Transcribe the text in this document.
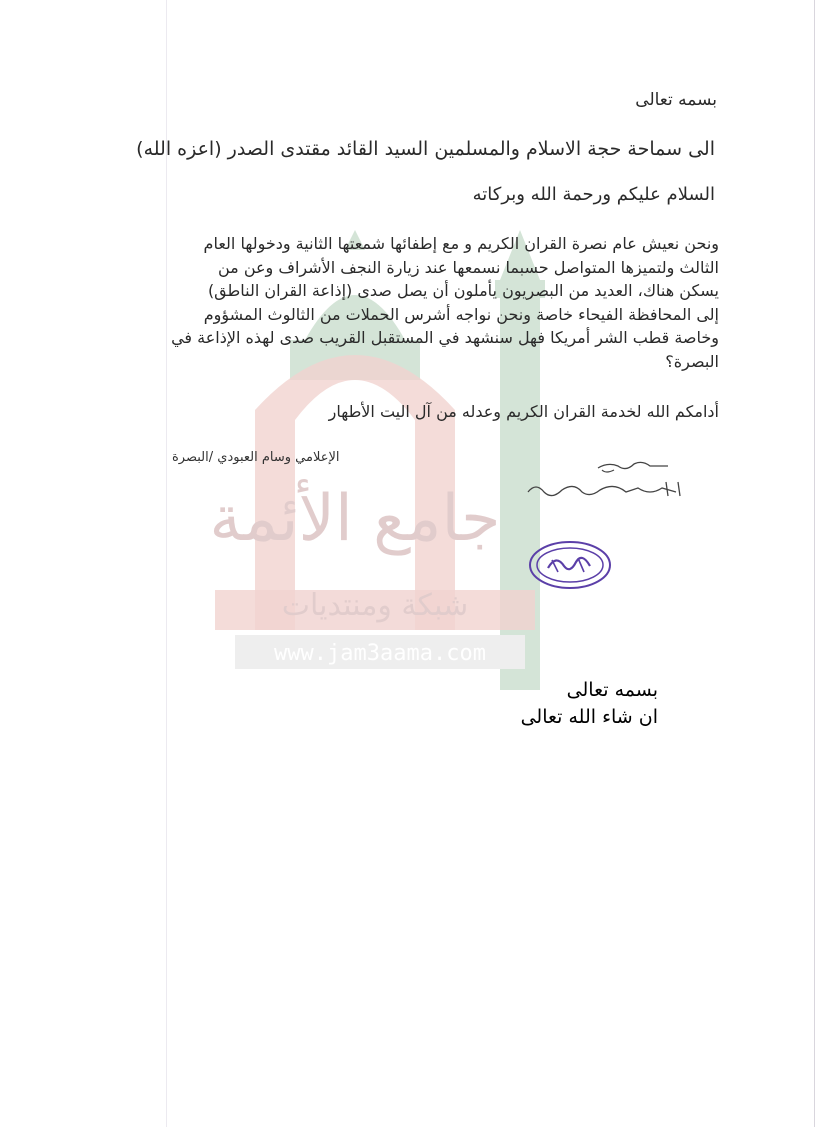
جامع الأئمة
شبكة ومنتديات
www.jam3aama.com
بسمه تعالى
الى سماحة حجة الاسلام والمسلمين السيد القائد مقتدى الصدر (اعزه الله)
السلام عليكم ورحمة الله وبركاته
ونحن نعيش عام نصرة القران الكريم و مع إطفائها شمعتها الثانية ودخولها العام
الثالث ولتميزها المتواصل حسبما نسمعها عند زيارة النجف الأشراف وعن من
يسكن هناك، العديد من البصريون يأملون أن يصل صدى (إذاعة القران الناطق)
إلى المحافظة الفيحاء خاصة ونحن نواجه أشرس الحملات من الثالوث المشؤوم
وخاصة قطب الشر أمريكا فهل سنشهد في المستقبل القريب صدى لهذه الإذاعة في
البصرة؟
أدامكم الله لخدمة القران الكريم وعدله من آل اليت الأطهار
الإعلامي وسام العبودي /البصرة
بسمه تعالى
ان شاء الله تعالى
